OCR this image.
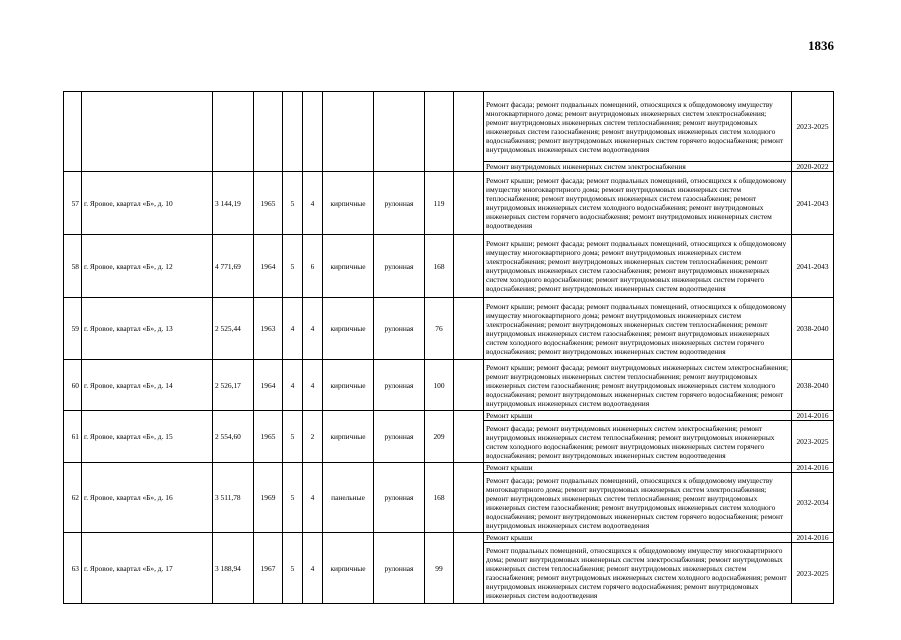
1836
										Ремонт фасада; ремонт подвальных помещений, относящихся к общедомовому имуществу многоквартирного дома; ремонт внутридомовых инженерных систем электроснабжения; ремонт внутридомовых инженерных систем теплоснабжения; ремонт внутридомовых инженерных систем газоснабжения; ремонт внутридомовых инженерных систем холодного водоснабжения; ремонт внутридомовых инженерных систем горячего водоснабжения; ремонт внутридомовых инженерных систем водоотведения	2023-2025
										Ремонт внутридомовых инженерных систем электроснабжения	2020-2022
57	г. Яровое, квартал «Б», д. 10	3 144,19	1965	5	4	кирпичные	рулонная	119		Ремонт крыши; ремонт фасада; ремонт подвальных помещений, относящихся к общедомовому имуществу многоквартирного дома; ремонт внутридомовых инженерных систем теплоснабжения; ремонт внутридомовых инженерных систем газоснабжения; ремонт внутридомовых инженерных систем холодного водоснабжения; ремонт внутридомовых инженерных систем горячего водоснабжения; ремонт внутридомовых инженерных систем водоотведения	2041-2043
58	г. Яровое, квартал «Б», д. 12	4 771,69	1964	5	6	кирпичные	рулонная	168		Ремонт крыши; ремонт фасада; ремонт подвальных помещений, относящихся к общедомовому имуществу многоквартирного дома; ремонт внутридомовых инженерных систем электроснабжения; ремонт внутридомовых инженерных систем теплоснабжения; ремонт внутридомовых инженерных систем газоснабжения; ремонт внутридомовых инженерных систем холодного водоснабжения; ремонт внутридомовых инженерных систем горячего водоснабжения; ремонт внутридомовых инженерных систем водоотведения	2041-2043
59	г. Яровое, квартал «Б», д. 13	2 525,44	1963	4	4	кирпичные	рулонная	76		Ремонт крыши; ремонт фасада; ремонт подвальных помещений, относящихся к общедомовому имуществу многоквартирного дома; ремонт внутридомовых инженерных систем электроснабжения; ремонт внутридомовых инженерных систем теплоснабжения; ремонт внутридомовых инженерных систем газоснабжения; ремонт внутридомовых инженерных систем холодного водоснабжения; ремонт внутридомовых инженерных систем горячего водоснабжения; ремонт внутридомовых инженерных систем водоотведения	2038-2040
60	г. Яровое, квартал «Б», д. 14	2 526,17	1964	4	4	кирпичные	рулонная	100		Ремонт крыши; ремонт фасада; ремонт внутридомовых инженерных систем электроснабжения; ремонт внутридомовых инженерных систем теплоснабжения; ремонт внутридомовых инженерных систем газоснабжения; ремонт внутридомовых инженерных систем холодного водоснабжения; ремонт внутридомовых инженерных систем горячего водоснабжения; ремонт внутридомовых инженерных систем водоотведения	2038-2040
61	г. Яровое, квартал «Б», д. 15	2 554,60	1965	5	2	кирпичные	рулонная	209		Ремонт крыши	2014-2016
										Ремонт фасада; ремонт внутридомовых инженерных систем электроснабжения; ремонт внутридомовых инженерных систем теплоснабжения; ремонт внутридомовых инженерных систем холодного водоснабжения; ремонт внутридомовых инженерных систем горячего водоснабжения; ремонт внутридомовых инженерных систем водоотведения	2023-2025
62	г. Яровое, квартал «Б», д. 16	3 511,78	1969	5	4	панельные	рулонная	168		Ремонт крыши	2014-2016
										Ремонт фасада; ремонт подвальных помещений, относящихся к общедомовому имуществу многоквартирного дома; ремонт внутридомовых инженерных систем электроснабжения; ремонт внутридомовых инженерных систем теплоснабжения; ремонт внутридомовых инженерных систем газоснабжения; ремонт внутридомовых инженерных систем холодного водоснабжения; ремонт внутридомовых инженерных систем горячего водоснабжения; ремонт внутридомовых инженерных систем водоотведения	2032-2034
63	г. Яровое, квартал «Б», д. 17	3 188,94	1967	5	4	кирпичные	рулонная	99		Ремонт крыши	2014-2016
										Ремонт подвальных помещений, относящихся к общедомовому имуществу многоквартирного дома; ремонт внутридомовых инженерных систем электроснабжения; ремонт внутридомовых инженерных систем теплоснабжения; ремонт внутридомовых инженерных систем газоснабжения; ремонт внутридомовых инженерных систем холодного водоснабжения; ремонт внутридомовых инженерных систем горячего водоснабжения; ремонт внутридомовых инженерных систем водоотведения	2023-2025
